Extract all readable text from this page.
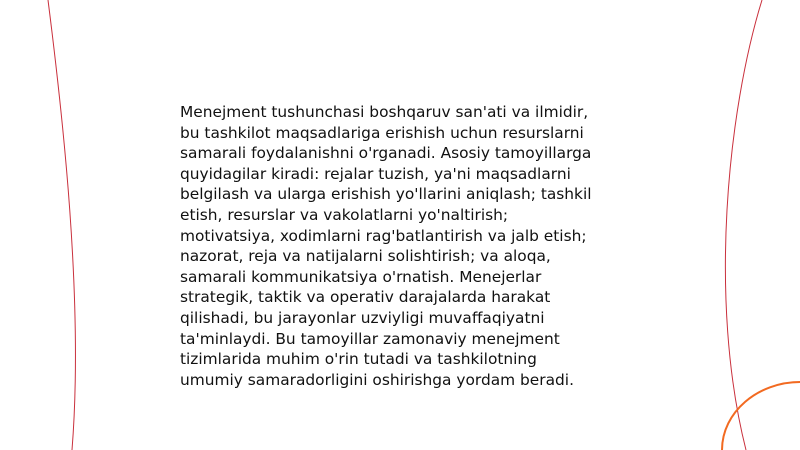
Menejment tushunchasi boshqaruv san'ati va ilmidir,
bu tashkilot maqsadlariga erishish uchun resurslarni
samarali foydalanishni o'rganadi. Asosiy tamoyillarga
quyidagilar kiradi: rejalar tuzish, ya'ni maqsadlarni
belgilash va ularga erishish yo'llarini aniqlash; tashkil
etish, resurslar va vakolatlarni yo'naltirish;
motivatsiya, xodimlarni rag'batlantirish va jalb etish;
nazorat, reja va natijalarni solishtirish; va aloqa,
samarali kommunikatsiya o'rnatish. Menejerlar
strategik, taktik va operativ darajalarda harakat
qilishadi, bu jarayonlar uzviyligi muvaffaqiyatni
ta'minlaydi. Bu tamoyillar zamonaviy menejment
tizimlarida muhim o'rin tutadi va tashkilotning
umumiy samaradorligini oshirishga yordam beradi.
